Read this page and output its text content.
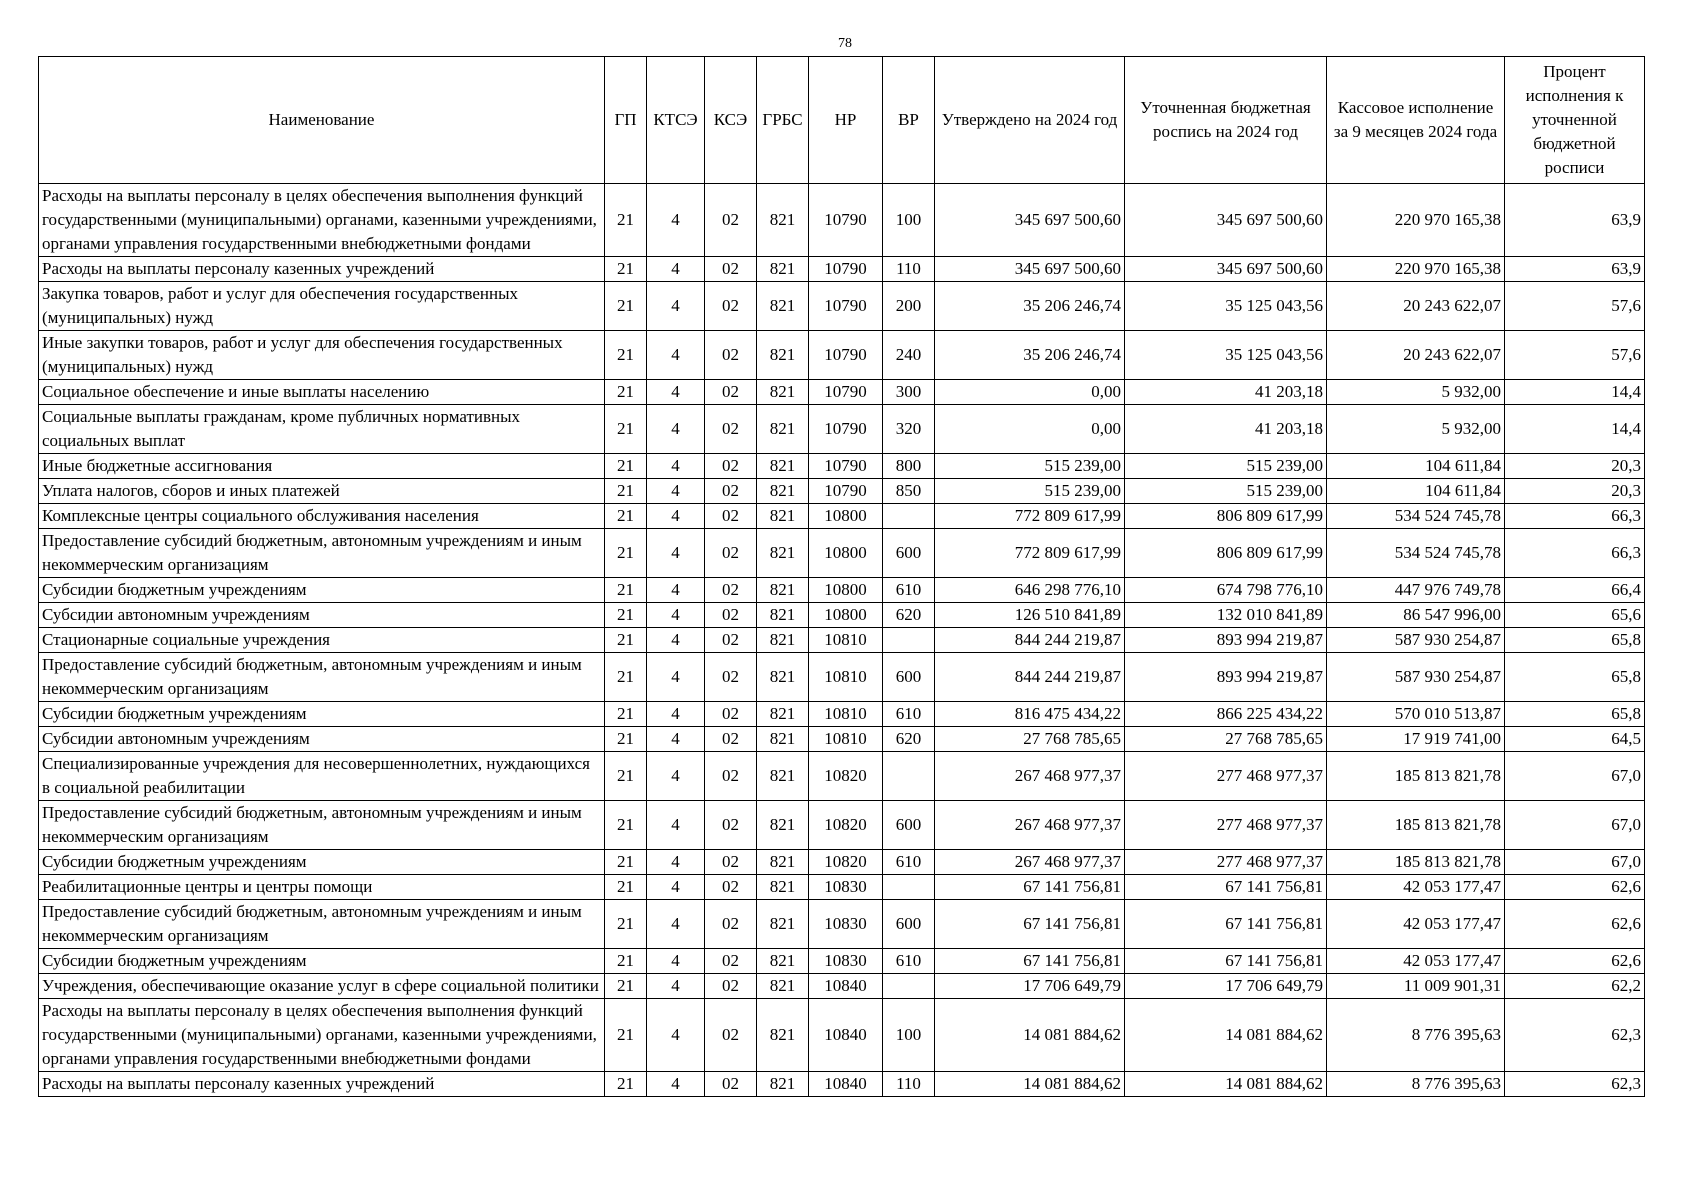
78
Наименование	ГП	КТСЭ	КСЭ	ГРБС	НР	ВР	Утверждено на 2024 год	Уточненная бюджетная роспись на 2024 год	Кассовое исполнение за 9 месяцев 2024 года	Процент исполнения к уточненной бюджетной росписи
Расходы на выплаты персоналу в целях обеспечения выполнения функций государственными (муниципальными) органами, казенными учреждениями, органами управления государственными внебюджетными фондами	21	4	02	821	10790	100	345 697 500,60	345 697 500,60	220 970 165,38	63,9
Расходы на выплаты персоналу казенных учреждений	21	4	02	821	10790	110	345 697 500,60	345 697 500,60	220 970 165,38	63,9
Закупка товаров, работ и услуг для обеспечения государственных (муниципальных) нужд	21	4	02	821	10790	200	35 206 246,74	35 125 043,56	20 243 622,07	57,6
Иные закупки товаров, работ и услуг для обеспечения государственных (муниципальных) нужд	21	4	02	821	10790	240	35 206 246,74	35 125 043,56	20 243 622,07	57,6
Социальное обеспечение и иные выплаты населению	21	4	02	821	10790	300	0,00	41 203,18	5 932,00	14,4
Социальные выплаты гражданам, кроме публичных нормативных социальных выплат	21	4	02	821	10790	320	0,00	41 203,18	5 932,00	14,4
Иные бюджетные ассигнования	21	4	02	821	10790	800	515 239,00	515 239,00	104 611,84	20,3
Уплата налогов, сборов и иных платежей	21	4	02	821	10790	850	515 239,00	515 239,00	104 611,84	20,3
Комплексные центры социального обслуживания населения	21	4	02	821	10800		772 809 617,99	806 809 617,99	534 524 745,78	66,3
Предоставление субсидий бюджетным, автономным учреждениям и иным некоммерческим организациям	21	4	02	821	10800	600	772 809 617,99	806 809 617,99	534 524 745,78	66,3
Субсидии бюджетным учреждениям	21	4	02	821	10800	610	646 298 776,10	674 798 776,10	447 976 749,78	66,4
Субсидии автономным учреждениям	21	4	02	821	10800	620	126 510 841,89	132 010 841,89	86 547 996,00	65,6
Стационарные социальные учреждения	21	4	02	821	10810		844 244 219,87	893 994 219,87	587 930 254,87	65,8
Предоставление субсидий бюджетным, автономным учреждениям и иным некоммерческим организациям	21	4	02	821	10810	600	844 244 219,87	893 994 219,87	587 930 254,87	65,8
Субсидии бюджетным учреждениям	21	4	02	821	10810	610	816 475 434,22	866 225 434,22	570 010 513,87	65,8
Субсидии автономным учреждениям	21	4	02	821	10810	620	27 768 785,65	27 768 785,65	17 919 741,00	64,5
Специализированные учреждения для несовершеннолетних, нуждающихся в социальной реабилитации	21	4	02	821	10820		267 468 977,37	277 468 977,37	185 813 821,78	67,0
Предоставление субсидий бюджетным, автономным учреждениям и иным некоммерческим организациям	21	4	02	821	10820	600	267 468 977,37	277 468 977,37	185 813 821,78	67,0
Субсидии бюджетным учреждениям	21	4	02	821	10820	610	267 468 977,37	277 468 977,37	185 813 821,78	67,0
Реабилитационные центры и центры помощи	21	4	02	821	10830		67 141 756,81	67 141 756,81	42 053 177,47	62,6
Предоставление субсидий бюджетным, автономным учреждениям и иным некоммерческим организациям	21	4	02	821	10830	600	67 141 756,81	67 141 756,81	42 053 177,47	62,6
Субсидии бюджетным учреждениям	21	4	02	821	10830	610	67 141 756,81	67 141 756,81	42 053 177,47	62,6
Учреждения, обеспечивающие оказание услуг в сфере социальной политики	21	4	02	821	10840		17 706 649,79	17 706 649,79	11 009 901,31	62,2
Расходы на выплаты персоналу в целях обеспечения выполнения функций государственными (муниципальными) органами, казенными учреждениями, органами управления государственными внебюджетными фондами	21	4	02	821	10840	100	14 081 884,62	14 081 884,62	8 776 395,63	62,3
Расходы на выплаты персоналу казенных учреждений	21	4	02	821	10840	110	14 081 884,62	14 081 884,62	8 776 395,63	62,3
